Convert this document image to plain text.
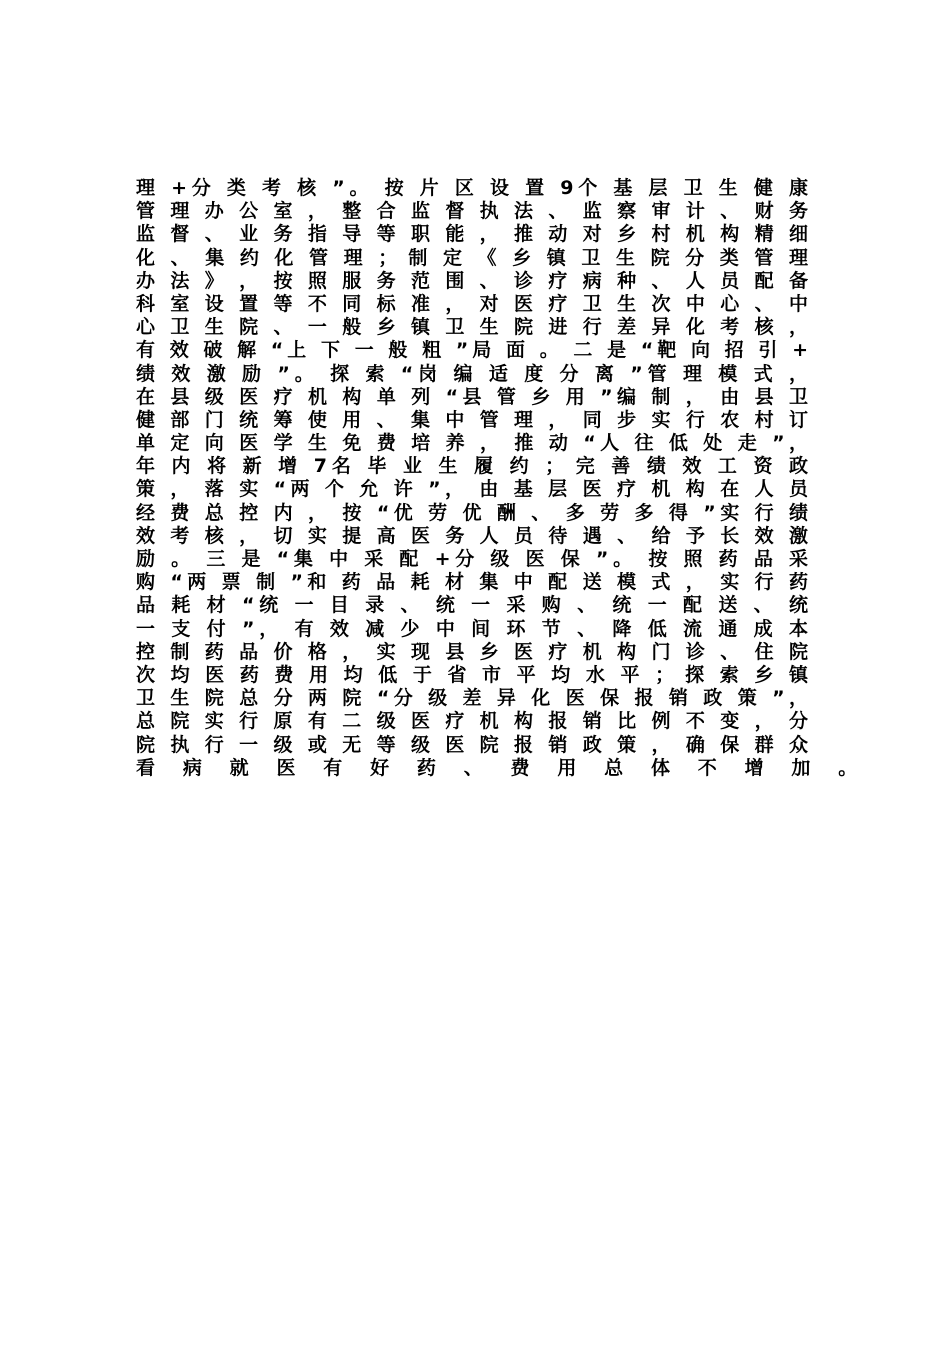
理 +分 类 考 核 ”。 按 片 区 设 置 9个 基 层 卫 生 健 康
管 理 办 公 室 ， 整 合 监 督 执 法 、 监 察 审 计 、 财 务
监 督 、 业 务 指 导 等 职 能 ， 推 动 对 乡 村 机 构 精 细
化 、 集 约 化 管 理 ； 制 定 《 乡 镇 卫 生 院 分 类 管 理
办 法 》 ， 按 照 服 务 范 围 、 诊 疗 病 种 、 人 员 配 备
科 室 设 置 等 不 同 标 准 ， 对 医 疗 卫 生 次 中 心 、 中
心 卫 生 院 、 一 般 乡 镇 卫 生 院 进 行 差 异 化 考 核 ，
有 效 破 解 “上 下 一 般 粗 ”局 面 。 二 是 “靶 向 招 引 +
绩 效 激 励 ”。 探 索 “岗 编 适 度 分 离 ”管 理 模 式 ，
在 县 级 医 疗 机 构 单 列 “县 管 乡 用 ”编 制 ， 由 县 卫
健 部 门 统 筹 使 用 、 集 中 管 理 ， 同 步 实 行 农 村 订
单 定 向 医 学 生 免 费 培 养 ， 推 动 “人 往 低 处 走 ”，
年 内 将 新 增 7名 毕 业 生 履 约 ； 完 善 绩 效 工 资 政
策 ， 落 实 “两 个 允 许 ”， 由 基 层 医 疗 机 构 在 人 员
经 费 总 控 内 ， 按 “优 劳 优 酬 、 多 劳 多 得 ”实 行 绩
效 考 核 ， 切 实 提 高 医 务 人 员 待 遇 、 给 予 长 效 激
励 。 三 是 “集 中 采 配 +分 级 医 保 ”。 按 照 药 品 采
购 “两 票 制 ”和 药 品 耗 材 集 中 配 送 模 式 ， 实 行 药
品 耗 材 “统 一 目 录 、 统 一 采 购 、 统 一 配 送 、 统
一 支 付 ”， 有 效 减 少 中 间 环 节 、 降 低 流 通 成 本
控 制 药 品 价 格 ， 实 现 县 乡 医 疗 机 构 门 诊 、 住 院
次 均 医 药 费 用 均 低 于 省 市 平 均 水 平 ； 探 索 乡 镇
卫 生 院 总 分 两 院 “分 级 差 异 化 医 保 报 销 政 策 ”，
总 院 实 行 原 有 二 级 医 疗 机 构 报 销 比 例 不 变 ， 分
院 执 行 一 级 或 无 等 级 医 院 报 销 政 策 ， 确 保 群 众
看 病 就 医 有 好 药 、 费 用 总 体 不 增 加 。
